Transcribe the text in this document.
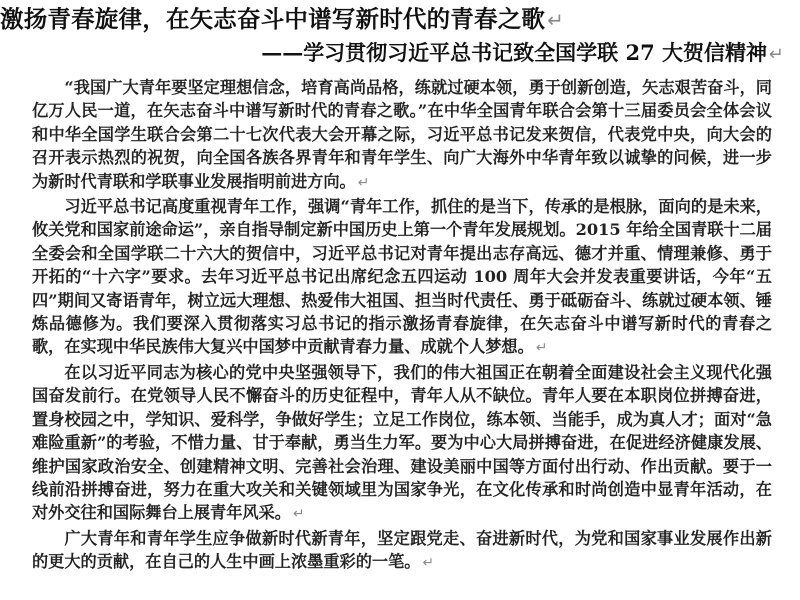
激扬青春旋律，在矢志奋斗中谱写新时代的青春之歌 ↵
——学习贯彻习近平总书记致全国学联 27 大贺信精神 ↵

“我国广大青年要坚定理想信念，培育高尚品格，练就过硬本领，勇于创新创造，矢志艰苦奋斗，同亿万人民一道，在矢志奋斗中谱写新时代的青春之歌。”在中华全国青年联合会第十三届委员会全体会议和中华全国学生联合会第二十七次代表大会开幕之际，习近平总书记发来贺信，代表党中央，向大会的召开表示热烈的祝贺，向全国各族各界青年和青年学生、向广大海外中华青年致以诚挚的问候，进一步为新时代青联和学联事业发展指明前进方向。 ↵

习近平总书记高度重视青年工作，强调“青年工作，抓住的是当下，传承的是根脉，面向的是未来，攸关党和国家前途命运”，亲自指导制定新中国历史上第一个青年发展规划。2015 年给全国青联十二届全委会和全国学联二十六大的贺信中，习近平总书记对青年提出志存高远、德才并重、情理兼修、勇于开拓的“十六字”要求。去年习近平总书记出席纪念五四运动 100 周年大会并发表重要讲话，今年“五四”期间又寄语青年，树立远大理想、热爱伟大祖国、担当时代责任、勇于砥砺奋斗、练就过硬本领、锤炼品德修为。我们要深入贯彻落实习总书记的指示激扬青春旋律，在矢志奋斗中谱写新时代的青春之歌，在实现中华民族伟大复兴中国梦中贡献青春力量、成就个人梦想。 ↵

在以习近平同志为核心的党中央坚强领导下，我们的伟大祖国正在朝着全面建设社会主义现代化强国奋发前行。在党领导人民不懈奋斗的历史征程中，青年人从不缺位。青年人要在本职岗位拼搏奋进，置身校园之中，学知识、爱科学，争做好学生；立足工作岗位，练本领、当能手，成为真人才；面对“急难险重新”的考验，不惜力量、甘于奉献，勇当生力军。要为中心大局拼搏奋进，在促进经济健康发展、维护国家政治安全、创建精神文明、完善社会治理、建设美丽中国等方面付出行动、作出贡献。要于一线前沿拼搏奋进，努力在重大攻关和关键领域里为国家争光，在文化传承和时尚创造中显青年活动，在对外交往和国际舞台上展青年风采。 ↵

广大青年和青年学生应争做新时代新青年，坚定跟党走、奋进新时代，为党和国家事业发展作出新的更大的贡献，在自己的人生中画上浓墨重彩的一笔。 ↵
